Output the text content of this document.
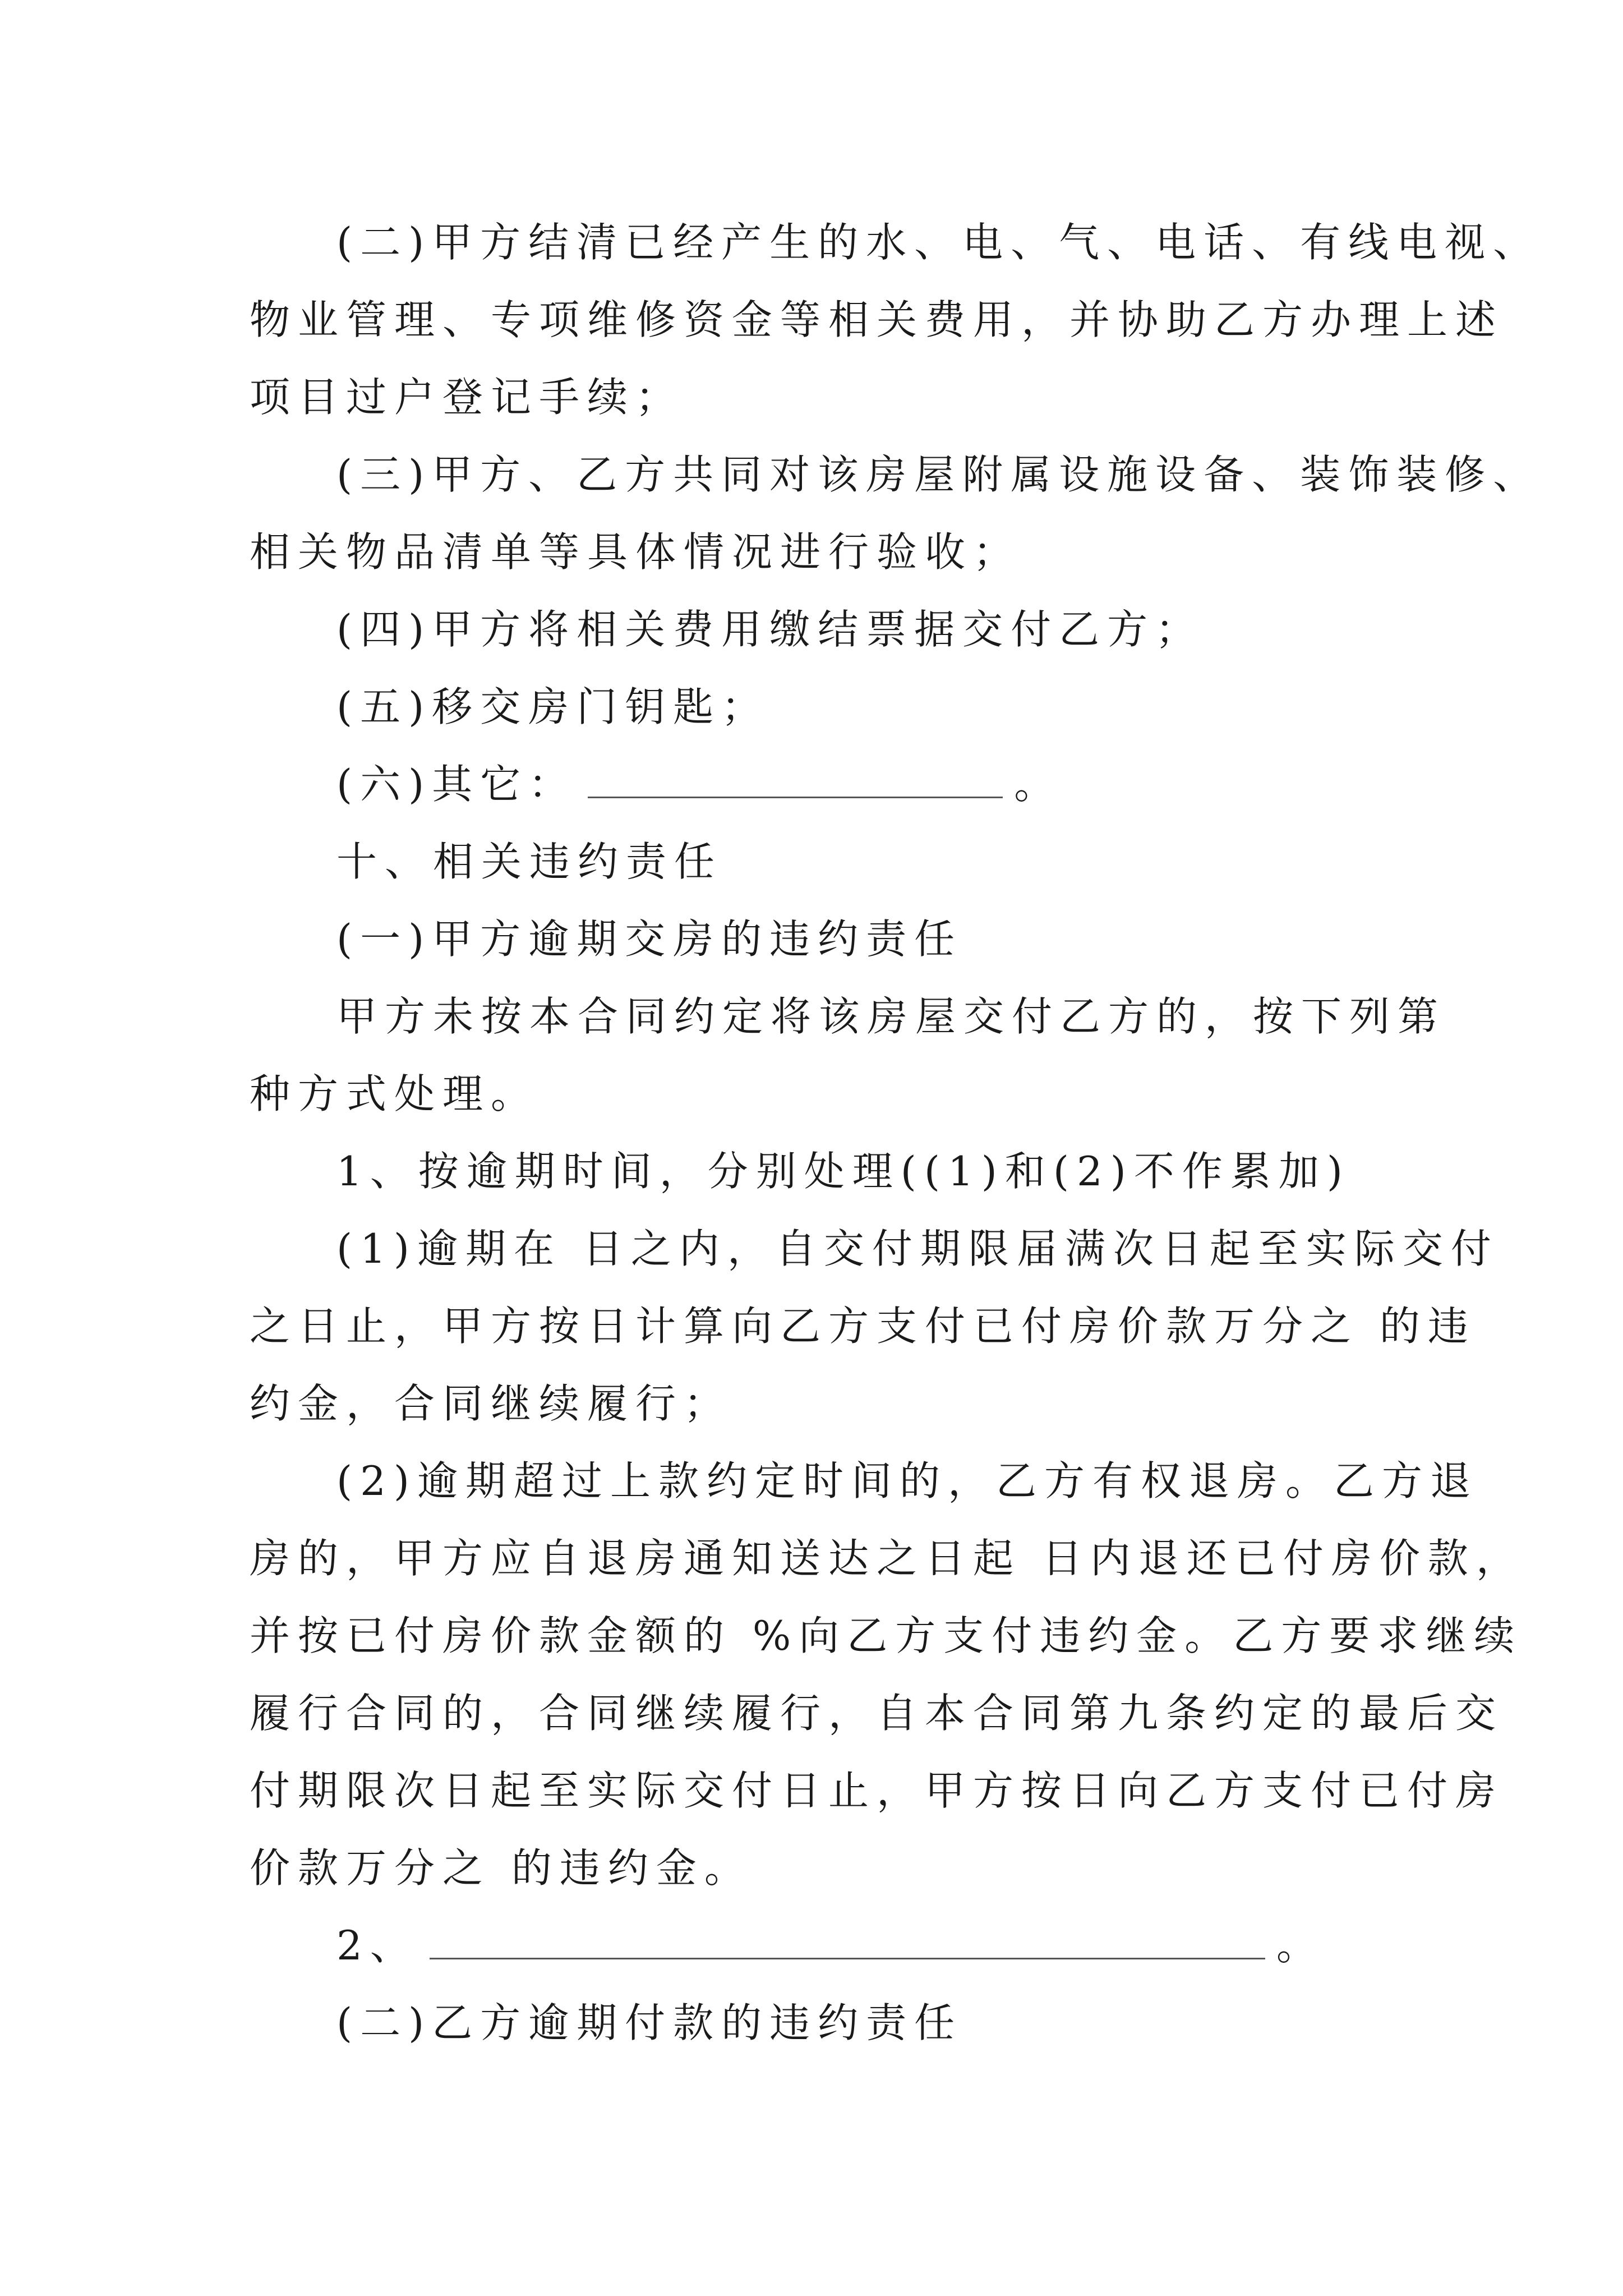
(二)甲方结清已经产生的水、电、气、电话、有线电视、
物业管理、专项维修资金等相关费用，并协助乙方办理上述
项目过户登记手续；
(三)甲方、乙方共同对该房屋附属设施设备、装饰装修、
相关物品清单等具体情况进行验收；
(四)甲方将相关费用缴结票据交付乙方；
(五)移交房门钥匙；
(六)其它：	。
十、相关违约责任
(一)甲方逾期交房的违约责任
甲方未按本合同约定将该房屋交付乙方的，按下列第
种方式处理。
1、按逾期时间，分别处理((1)和(2)不作累加)
(1)逾期在 日之内，自交付期限届满次日起至实际交付
之日止，甲方按日计算向乙方支付已付房价款万分之 的违
约金，合同继续履行；
(2)逾期超过上款约定时间的，乙方有权退房。乙方退
房的，甲方应自退房通知送达之日起 日内退还已付房价款，
并按已付房价款金额的 %向乙方支付违约金。乙方要求继续
履行合同的，合同继续履行，自本合同第九条约定的最后交
付期限次日起至实际交付日止，甲方按日向乙方支付已付房
价款万分之 的违约金。
2、	。
(二)乙方逾期付款的违约责任
